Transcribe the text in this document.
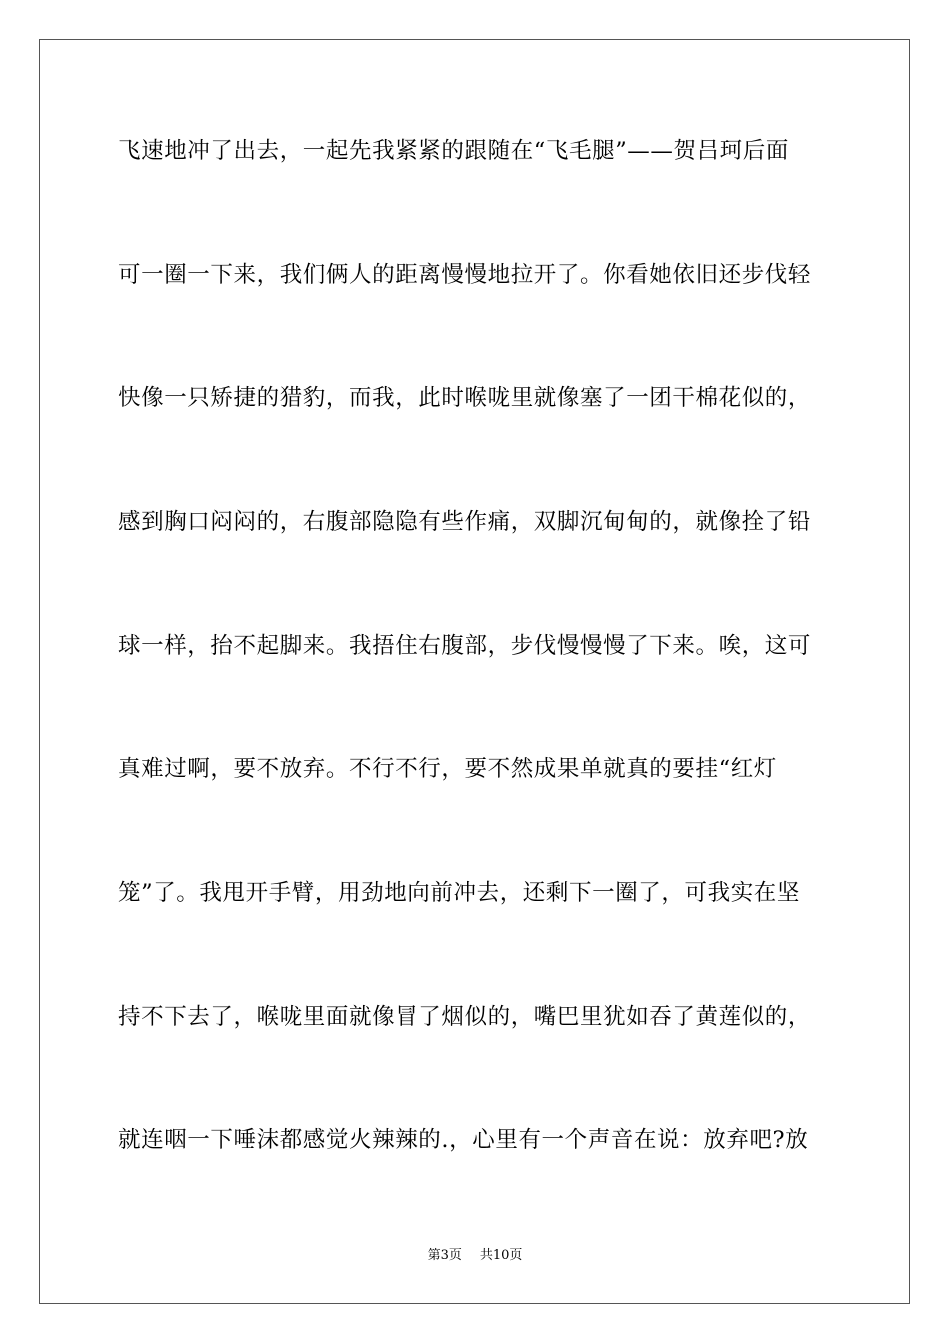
飞速地冲了出去，一起先我紧紧的跟随在“飞毛腿”——贺吕珂后面
可一圈一下来，我们俩人的距离慢慢地拉开了。你看她依旧还步伐轻
快像一只矫捷的猎豹，而我，此时喉咙里就像塞了一团干棉花似的，
感到胸口闷闷的，右腹部隐隐有些作痛，双脚沉甸甸的，就像拴了铅
球一样，抬不起脚来。我捂住右腹部，步伐慢慢慢了下来。唉，这可
真难过啊，要不放弃。不行不行，要不然成果单就真的要挂“红灯
笼”了。我甩开手臂，用劲地向前冲去，还剩下一圈了，可我实在坚
持不下去了，喉咙里面就像冒了烟似的，嘴巴里犹如吞了黄莲似的，
就连咽一下唾沫都感觉火辣辣的.，心里有一个声音在说：放弃吧?放
第3页 共10页
